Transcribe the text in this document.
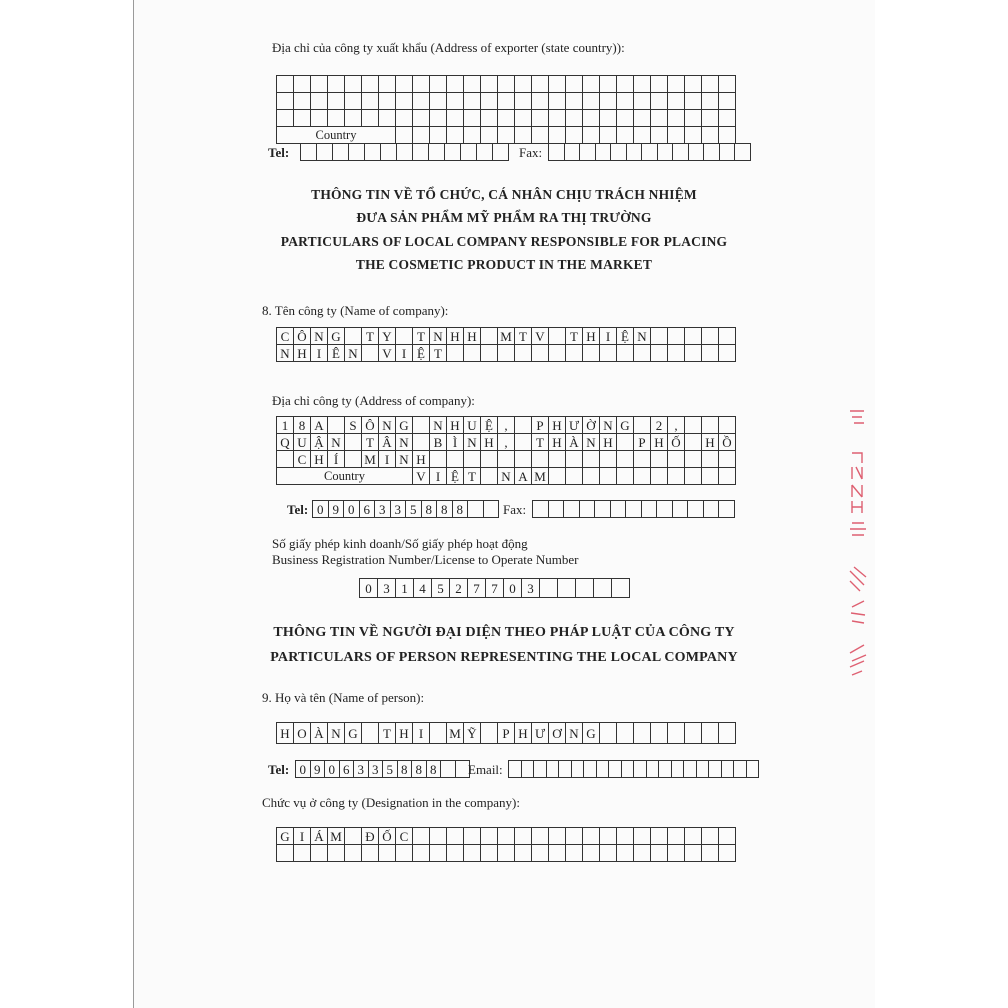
Địa chỉ của công ty xuất khẩu (Address of exporter (state country)):

Country																										
Tel:
													Fax:

THÔNG TIN VỀ TỔ CHỨC, CÁ NHÂN CHỊU TRÁCH NHIỆM
ĐƯA SẢN PHẨM MỸ PHẨM RA THỊ TRƯỜNG
PARTICULARS OF LOCAL COMPANY RESPONSIBLE FOR PLACING
THE COSMETIC PRODUCT IN THE MARKET
8. Tên công ty (Name of company):
C	Ô	N	G		T	Y		T	N	H	H		M	T	V		T	H	I	Ệ	N					
N	H	I	Ê	N		V	I	Ệ	T																	
Địa chỉ công ty (Address of company):
1	8	A		S	Ô	N	G		N	H	U	Ệ	,		P	H	Ư	Ờ	N	G		2	,			
Q	U	Ậ	N		T	Â	N		B	Ì	N	H	,		T	H	À	N	H		P	H	Ố		H	Ồ
	C	H	Í		M	I	N	H																		
Country								V	I	Ệ	T		N	A	M											
Tel: 0	9	0	6	3	3	5	8	8	8			Fax:

Số giấy phép kinh doanh/Số giấy phép hoạt động
Business Registration Number/License to Operate Number
0	3	1	4	5	2	7	7	0	3					
THÔNG TIN VỀ NGƯỜI ĐẠI DIỆN THEO PHÁP LUẬT CỦA CÔNG TY
PARTICULARS OF PERSON REPRESENTING THE LOCAL COMPANY
9. Họ và tên (Name of person):
H	O	À	N	G		T	H	I		M	Ỹ		P	H	Ư	Ơ	N	G								
Tel: 0	9	0	6	3	3	5	8	8	8		Email:

Chức vụ ở công ty (Designation in the company):
G	I	Á	M		Đ	Ố	C																			
